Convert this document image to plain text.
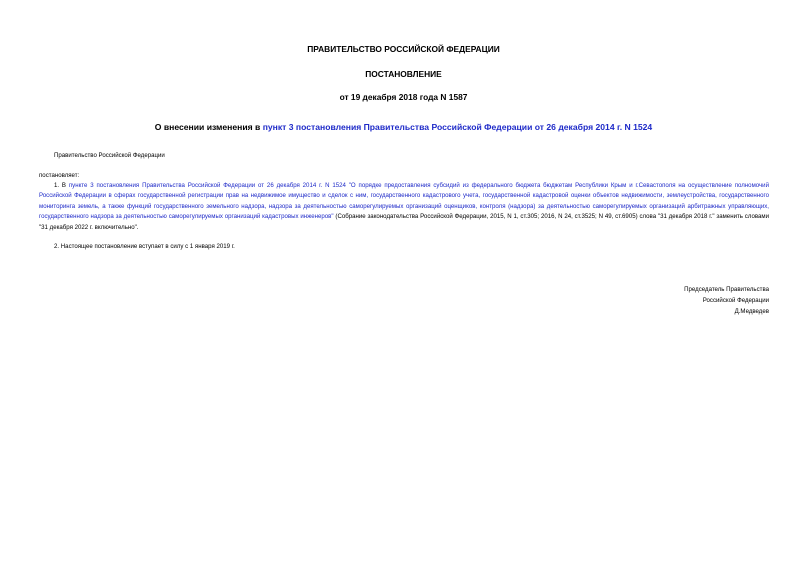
ПРАВИТЕЛЬСТВО РОССИЙСКОЙ ФЕДЕРАЦИИ
ПОСТАНОВЛЕНИЕ
от 19 декабря 2018 года N 1587
О внесении изменения в пункт 3 постановления Правительства Российской Федерации от 26 декабря 2014 г. N 1524
Правительство Российской Федерации
постановляет:
1. В пункте 3 постановления Правительства Российской Федерации от 26 декабря 2014 г. N 1524 "О порядке предоставления субсидий из федерального бюджета бюджетам Республики Крым и г.Севастополя на осуществление полномочий Российской Федерации в сферах государственной регистрации прав на недвижимое имущество и сделок с ним, государственного кадастрового учета, государственной кадастровой оценки объектов недвижимости, землеустройства, государственного мониторинга земель, а также функций государственного земельного надзора, надзора за деятельностью саморегулируемых организаций оценщиков, контроля (надзора) за деятельностью саморегулируемых организаций арбитражных управляющих, государственного надзора за деятельностью саморегулируемых организаций кадастровых инженеров" (Собрание законодательства Российской Федерации, 2015, N 1, ст.305; 2016, N 24, ст.3525; N 49, ст.6905) слова "31 декабря 2018 г." заменить словами "31 декабря 2022 г. включительно".
2. Настоящее постановление вступает в силу с 1 января 2019 г.
Председатель Правительства
Российской Федерации
Д.Медведев
